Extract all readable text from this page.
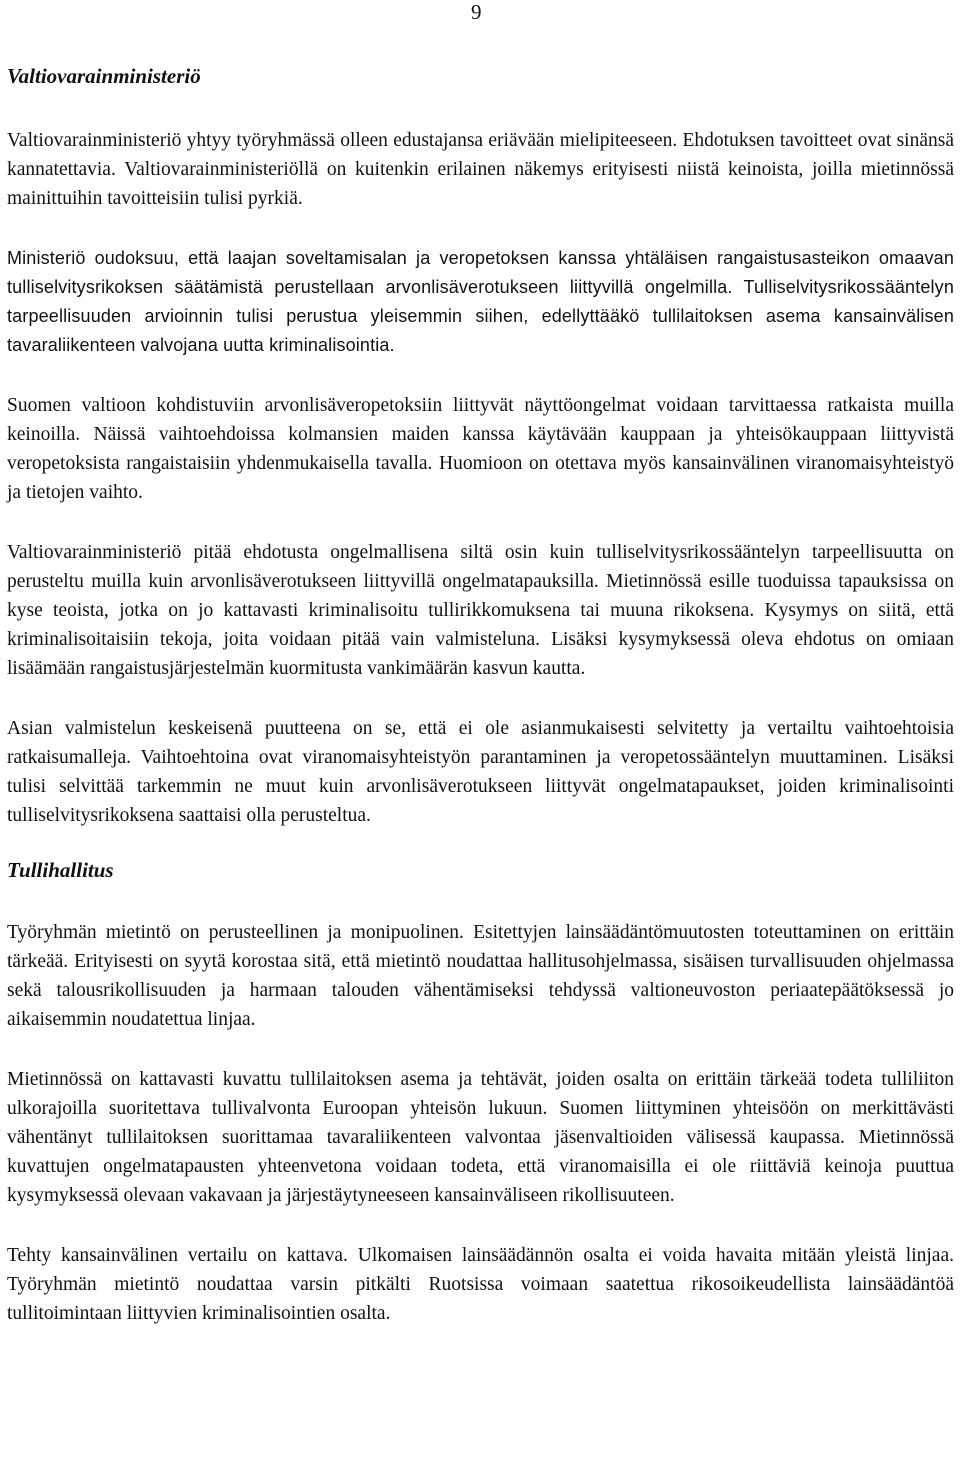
9
Valtiovarainministeriö

Valtiovarainministeriö yhtyy työryhmässä olleen edustajansa eriävään mielipiteeseen. Ehdotuksen tavoitteet ovat sinänsä kannatettavia. Valtiovarainministeriöllä on kuitenkin erilainen näkemys erityisesti niistä keinoista, joilla mietinnössä mainittuihin tavoitteisiin tulisi pyrkiä.

Ministeriö oudoksuu, että laajan soveltamisalan ja veropetoksen kanssa yhtäläisen rangaistusasteikon omaavan tulliselvitysrikoksen säätämistä perustellaan arvonlisäverotukseen liittyvillä ongelmilla. Tulliselvitysrikossääntelyn tarpeellisuuden arvioinnin tulisi perustua yleisemmin siihen, edellyttääkö tullilaitoksen asema kansainvälisen tavaraliikenteen valvojana uutta kriminalisointia.

Suomen valtioon kohdistuviin arvonlisäveropetoksiin liittyvät näyttöongelmat voidaan tarvittaessa ratkaista muilla keinoilla. Näissä vaihtoehdoissa kolmansien maiden kanssa käytävään kauppaan ja yhteisökauppaan liittyvistä veropetoksista rangaistaisiin yhdenmukaisella tavalla. Huomioon on otettava myös kansainvälinen viranomaisyhteistyö ja tietojen vaihto.

Valtiovarainministeriö pitää ehdotusta ongelmallisena siltä osin kuin tulliselvitysrikossääntelyn tarpeellisuutta on perusteltu muilla kuin arvonlisäverotukseen liittyvillä ongelmatapauksilla. Mietinnössä esille tuoduissa tapauksissa on kyse teoista, jotka on jo kattavasti kriminalisoitu tullirikkomuksena tai muuna rikoksena. Kysymys on siitä, että kriminalisoitaisiin tekoja, joita voidaan pitää vain valmisteluna. Lisäksi kysymyksessä oleva ehdotus on omiaan lisäämään rangaistusjärjestelmän kuormitusta vankimäärän kasvun kautta.

Asian valmistelun keskeisenä puutteena on se, että ei ole asianmukaisesti selvitetty ja vertailtu vaihtoehtoisia ratkaisumalleja. Vaihtoehtoina ovat viranomaisyhteistyön parantaminen ja veropetossääntelyn muuttaminen. Lisäksi tulisi selvittää tarkemmin ne muut kuin arvonlisäverotukseen liittyvät ongelmatapaukset, joiden kriminalisointi tulliselvitysrikoksena saattaisi olla perusteltua.

Tullihallitus

Työryhmän mietintö on perusteellinen ja monipuolinen. Esitettyjen lainsäädäntömuutosten toteuttaminen on erittäin tärkeää. Erityisesti on syytä korostaa sitä, että mietintö noudattaa hallitusohjelmassa, sisäisen turvallisuuden ohjelmassa sekä talousrikollisuuden ja harmaan talouden vähentämiseksi tehdyssä valtioneuvoston periaatepäätöksessä jo aikaisemmin noudatettua linjaa.

Mietinnössä on kattavasti kuvattu tullilaitoksen asema ja tehtävät, joiden osalta on erittäin tärkeää todeta tulliliiton ulkorajoilla suoritettava tullivalvonta Euroopan yhteisön lukuun. Suomen liittyminen yhteisöön on merkittävästi vähentänyt tullilaitoksen suorittamaa tavaraliikenteen valvontaa jäsenvaltioiden välisessä kaupassa. Mietinnössä kuvattujen ongelmatapausten yhteenvetona voidaan todeta, että viranomaisilla ei ole riittäviä keinoja puuttua kysymyksessä olevaan vakavaan ja järjestäytyneeseen kansainväliseen rikollisuuteen.

Tehty kansainvälinen vertailu on kattava. Ulkomaisen lainsäädännön osalta ei voida havaita mitään yleistä linjaa. Työryhmän mietintö noudattaa varsin pitkälti Ruotsissa voimaan saatettua rikosoikeudellista lainsäädäntöä tullitoimintaan liittyvien kriminalisointien osalta.
